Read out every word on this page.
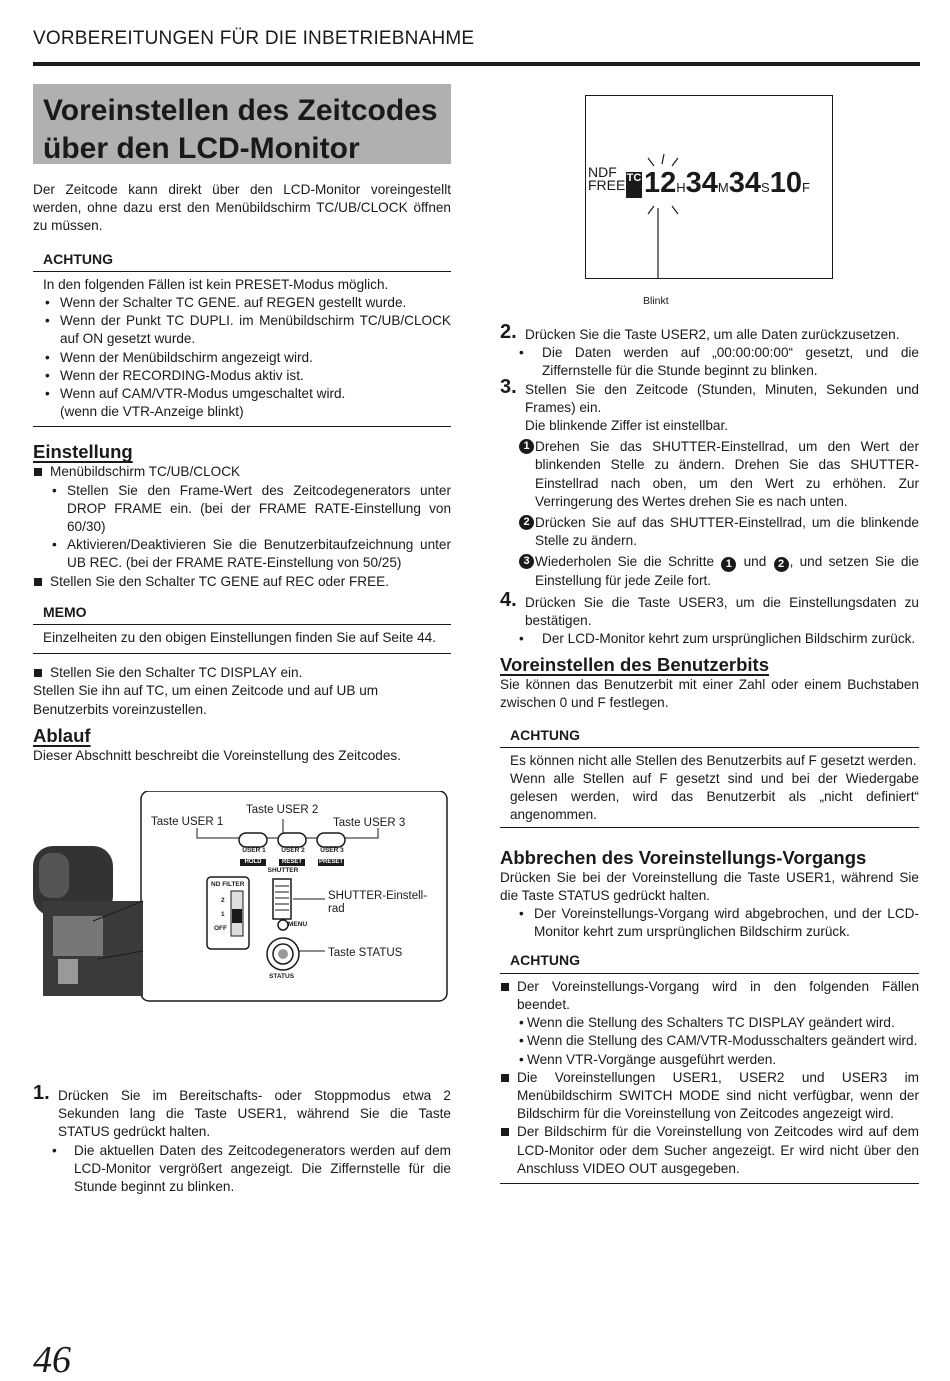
VORBEREITUNGEN FÜR DIE INBETRIEBNAHME
Voreinstellen des Zeitcodes
über den LCD-Monitor

Der Zeitcode kann direkt über den LCD-Monitor voreingestellt werden, ohne dazu erst den Menübildschirm TC/UB/CLOCK öffnen zu müssen.

ACHTUNG

In den folgenden Fällen ist kein PRESET-Modus möglich.

• Wenn der Schalter TC GENE. auf REGEN gestellt wurde.
• Wenn der Punkt TC DUPLI. im Menübildschirm TC/UB/CLOCK auf ON gesetzt wurde.
• Wenn der Menübildschirm angezeigt wird.
• Wenn der RECORDING-Modus aktiv ist.
• Wenn auf CAM/VTR-Modus umgeschaltet wird.
(wenn die VTR-Anzeige blinkt)
Einstellung
Menübildschirm TC/UB/CLOCK
• Stellen Sie den Frame-Wert des Zeitcodegenerators unter DROP FRAME ein. (bei der FRAME RATE-Einstellung von 60/30)
• Aktivieren/Deaktivieren Sie die Benutzerbitaufzeichnung unter UB REC. (bei der FRAME RATE-Einstellung von 50/25)
Stellen Sie den Schalter TC GENE auf REC oder FREE.
MEMO

Einzelheiten zu den obigen Einstellungen finden Sie auf Seite 44.

Stellen Sie den Schalter TC DISPLAY ein.

Stellen Sie ihn auf TC, um einen Zeitcode und auf UB um Benutzerbits voreinzustellen.

Ablauf

Dieser Abschnitt beschreibt die Voreinstellung des Zeitcodes.

Taste USER 1
Taste USER 2
Taste USER 3
USER 1	USER 2	USER 3
HOLD	RESET	PRESET
SHUTTER
ND FILTER
2
1
OFF
MENU
STATUS
SHUTTER-Einstell-
rad
Taste STATUS
1. Drücken Sie im Bereitschafts- oder Stoppmodus etwa 2 Sekunden lang die Taste USER1, während Sie die Taste STATUS gedrückt halten.
• Die aktuellen Daten des Zeitcodegenerators werden auf dem LCD-Monitor vergrößert angezeigt. Die Ziffernstelle für die Stunde beginnt zu blinken.
NDF
FREE TC 12H34M34S10F
Blinkt
2. Drücken Sie die Taste USER2, um alle Daten zurückzusetzen.
• Die Daten werden auf „00:00:00:00“ gesetzt, und die Ziffernstelle für die Stunde beginnt zu blinken.
3. Stellen Sie den Zeitcode (Stunden, Minuten, Sekunden und Frames) ein.

Die blinkende Ziffer ist einstellbar.

1 Drehen Sie das SHUTTER-Einstellrad, um den Wert der blinkenden Stelle zu ändern. Drehen Sie das SHUTTER-Einstellrad nach oben, um den Wert zu erhöhen. Zur Verringerung des Wertes drehen Sie es nach unten.
2 Drücken Sie auf das SHUTTER-Einstellrad, um die blinkende Stelle zu ändern.
3 Wiederholen Sie die Schritte 1 und 2 , und setzen Sie die Einstellung für jede Zeile fort.
4. Drücken Sie die Taste USER3, um die Einstellungsdaten zu bestätigen.
• Der LCD-Monitor kehrt zum ursprünglichen Bildschirm zurück.
Voreinstellen des Benutzerbits

Sie können das Benutzerbit mit einer Zahl oder einem Buchstaben zwischen 0 und F festlegen.

ACHTUNG

Es können nicht alle Stellen des Benutzerbits auf F gesetzt werden.

Wenn alle Stellen auf F gesetzt sind und bei der Wiedergabe gelesen werden, wird das Benutzerbit als „nicht definiert“ angenommen.

Abbrechen des Voreinstellungs-Vorgangs

Drücken Sie bei der Voreinstellung die Taste USER1, während Sie die Taste STATUS gedrückt halten.

• Der Voreinstellungs-Vorgang wird abgebrochen, und der LCD-Monitor kehrt zum ursprünglichen Bildschirm zurück.
ACHTUNG
Der Voreinstellungs-Vorgang wird in den folgenden Fällen beendet.
• Wenn die Stellung des Schalters TC DISPLAY geändert wird.
• Wenn die Stellung des CAM/VTR-Modusschalters geändert wird.
• Wenn VTR-Vorgänge ausgeführt werden.
Die Voreinstellungen USER1, USER2 und USER3 im Menübildschirm SWITCH MODE sind nicht verfügbar, wenn der Bildschirm für die Voreinstellung von Zeitcodes angezeigt wird.
Der Bildschirm für die Voreinstellung von Zeitcodes wird auf dem LCD-Monitor oder dem Sucher angezeigt. Er wird nicht über den Anschluss VIDEO OUT ausgegeben.
46
